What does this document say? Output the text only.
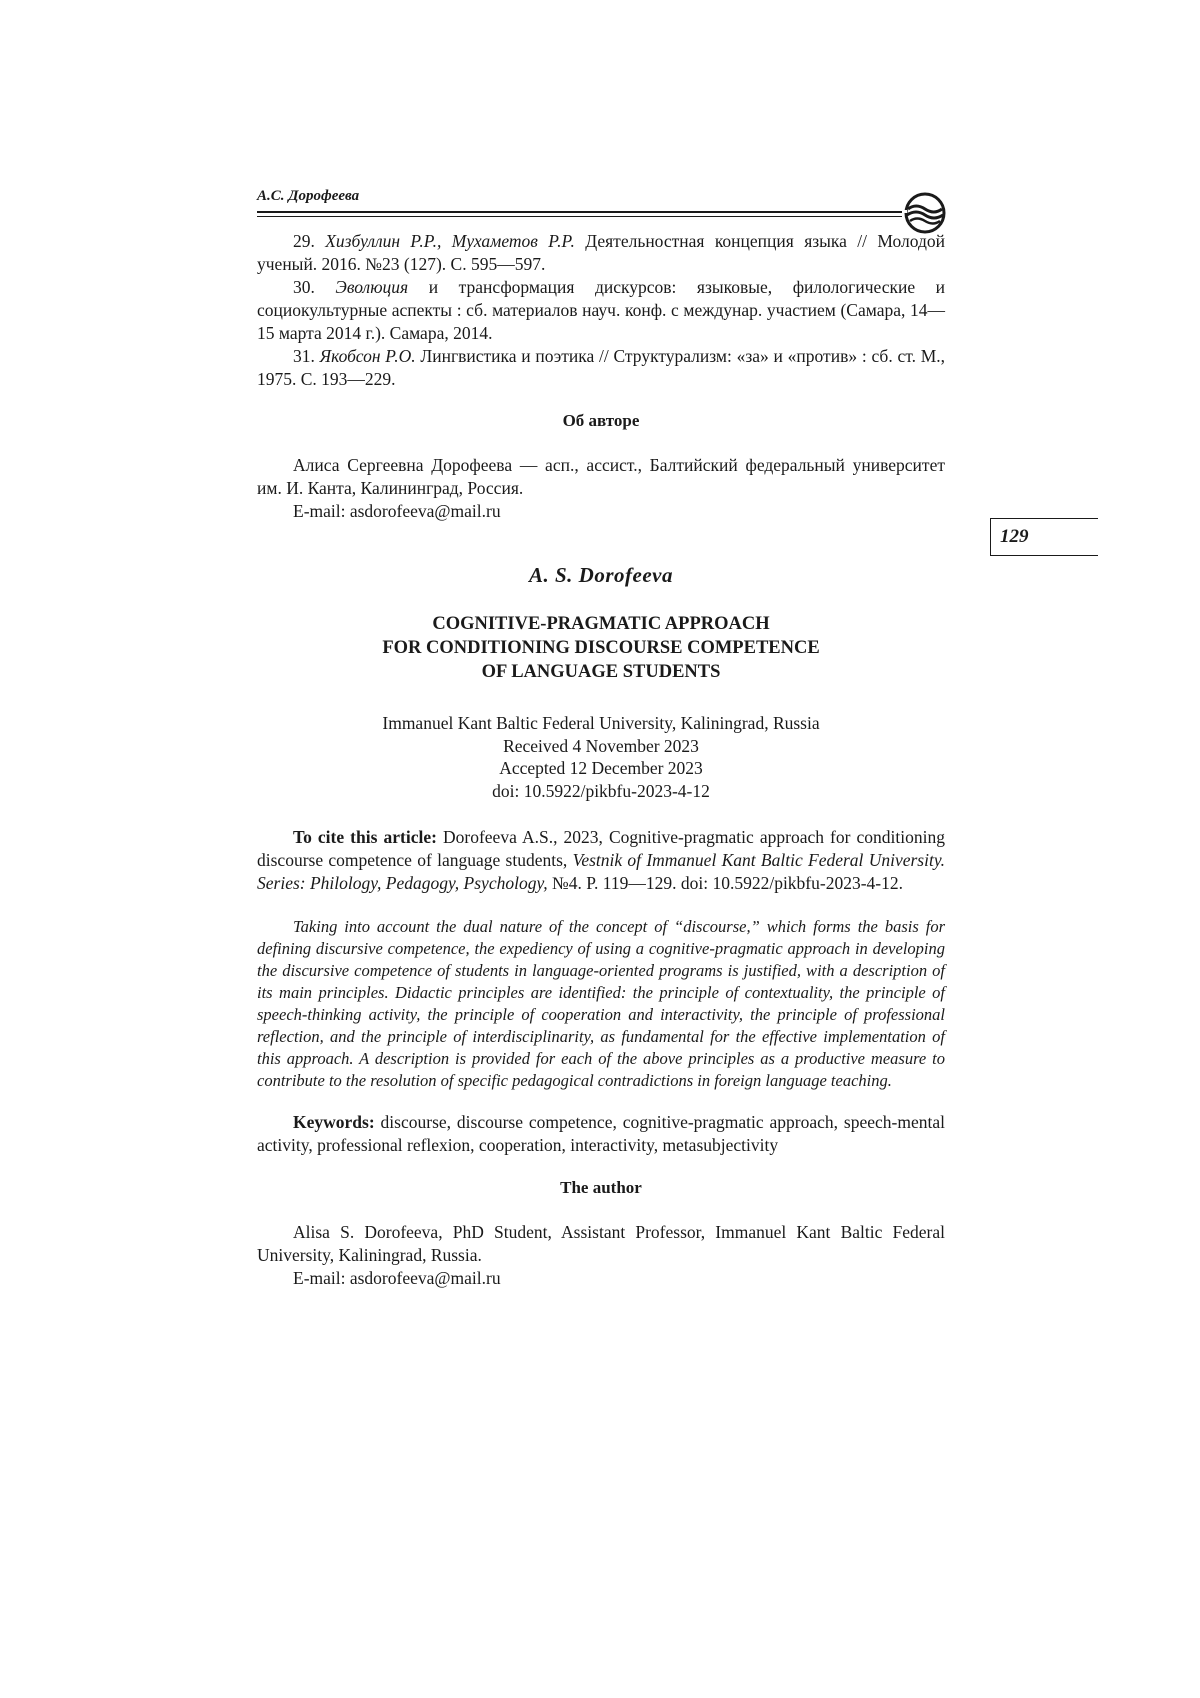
А.С. Дорофеева

29. Хизбуллин Р.Р., Мухаметов Р.Р. Деятельностная концепция языка // Молодой ученый. 2016. №23 (127). С. 595—597.

30. Эволюция и трансформация дискурсов: языковые, филологические и социокультурные аспекты : сб. материалов науч. конф. с междунар. участием (Самара, 14—15 марта 2014 г.). Самара, 2014.

31. Якобсон Р.О. Лингвистика и поэтика // Структурализм: «за» и «против» : сб. ст. М., 1975. С. 193—229.

Об авторе

Алиса Сергеевна Дорофеева — асп., ассист., Балтийский федеральный университет им. И. Канта, Калининград, Россия.

E-mail: asdorofeeva@mail.ru

A. S. Dorofeeva

COGNITIVE-PRAGMATIC APPROACH
FOR CONDITIONING DISCOURSE COMPETENCE
OF LANGUAGE STUDENTS

Immanuel Kant Baltic Federal University, Kaliningrad, Russia
Received 4 November 2023
Accepted 12 December 2023
doi: 10.5922/pikbfu-2023-4-12

To cite this article: Dorofeeva A.S., 2023, Cognitive-pragmatic approach for conditioning discourse competence of language students, Vestnik of Immanuel Kant Baltic Federal University. Series: Philology, Pedagogy, Psychology, №4. P. 119—129. doi: 10.5922/pikbfu-2023-4-12.

Taking into account the dual nature of the concept of “discourse,” which forms the basis for defining discursive competence, the expediency of using a cognitive-pragmatic approach in developing the discursive competence of students in language-oriented programs is justified, with a description of its main principles. Didactic principles are identified: the principle of contextuality, the principle of speech-thinking activity, the principle of cooperation and interactivity, the principle of professional reflection, and the principle of interdisciplinarity, as fundamental for the effective implementation of this approach. A description is provided for each of the above principles as a productive measure to contribute to the resolution of specific pedagogical contradictions in foreign language teaching.

Keywords: discourse, discourse competence, cognitive-pragmatic approach, speech-mental activity, professional reflexion, cooperation, interactivity, metasubjectivity

The author

Alisa S. Dorofeeva, PhD Student, Assistant Professor, Immanuel Kant Baltic Federal University, Kaliningrad, Russia.

E-mail: asdorofeeva@mail.ru

129
